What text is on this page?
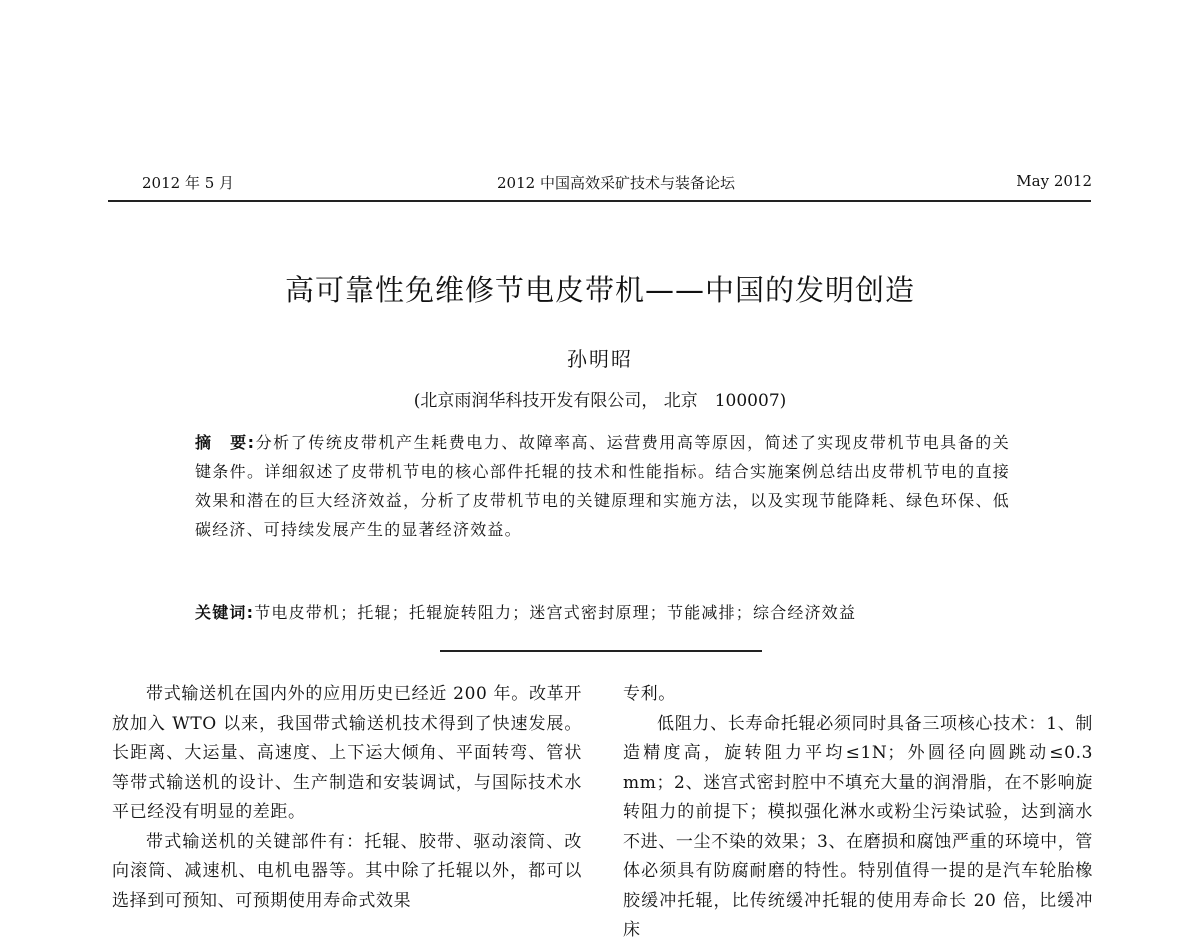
2012 年 5 月	2012 中国高效采矿技术与装备论坛	May 2012
高可靠性免维修节电皮带机——中国的发明创造
孙明昭
(北京雨润华科技开发有限公司， 北京　100007)
摘　要:分析了传统皮带机产生耗费电力、故障率高、运营费用高等原因，简述了实现皮带机节电具备的关键条件。详细叙述了皮带机节电的核心部件托辊的技术和性能指标。结合实施案例总结出皮带机节电的直接效果和潜在的巨大经济效益，分析了皮带机节电的关键原理和实施方法，以及实现节能降耗、绿色环保、低碳经济、可持续发展产生的显著经济效益。
关键词:节电皮带机；托辊；托辊旋转阻力；迷宫式密封原理；节能减排；综合经济效益

带式输送机在国内外的应用历史已经近 200 年。改革开放加入 WTO 以来，我国带式输送机技术得到了快速发展。长距离、大运量、高速度、上下运大倾角、平面转弯、管状等带式输送机的设计、生产制造和安装调试，与国际技术水平已经没有明显的差距。

带式输送机的关键部件有：托辊、胶带、驱动滚筒、改向滚筒、减速机、电机电器等。其中除了托辊以外，都可以选择到可预知、可预期使用寿命式效果

专利。

低阻力、长寿命托辊必须同时具备三项核心技术：1、制造精度高，旋转阻力平均≤1N；外圆径向圆跳动≤0.3 mm；2、迷宫式密封腔中不填充大量的润滑脂，在不影响旋转阻力的前提下；模拟强化淋水或粉尘污染试验，达到滴水不进、一尘不染的效果；3、在磨损和腐蚀严重的环境中，管体必须具有防腐耐磨的特性。特别值得一提的是汽车轮胎橡胶缓冲托辊，比传统缓冲托辊的使用寿命长 20 倍，比缓冲床
